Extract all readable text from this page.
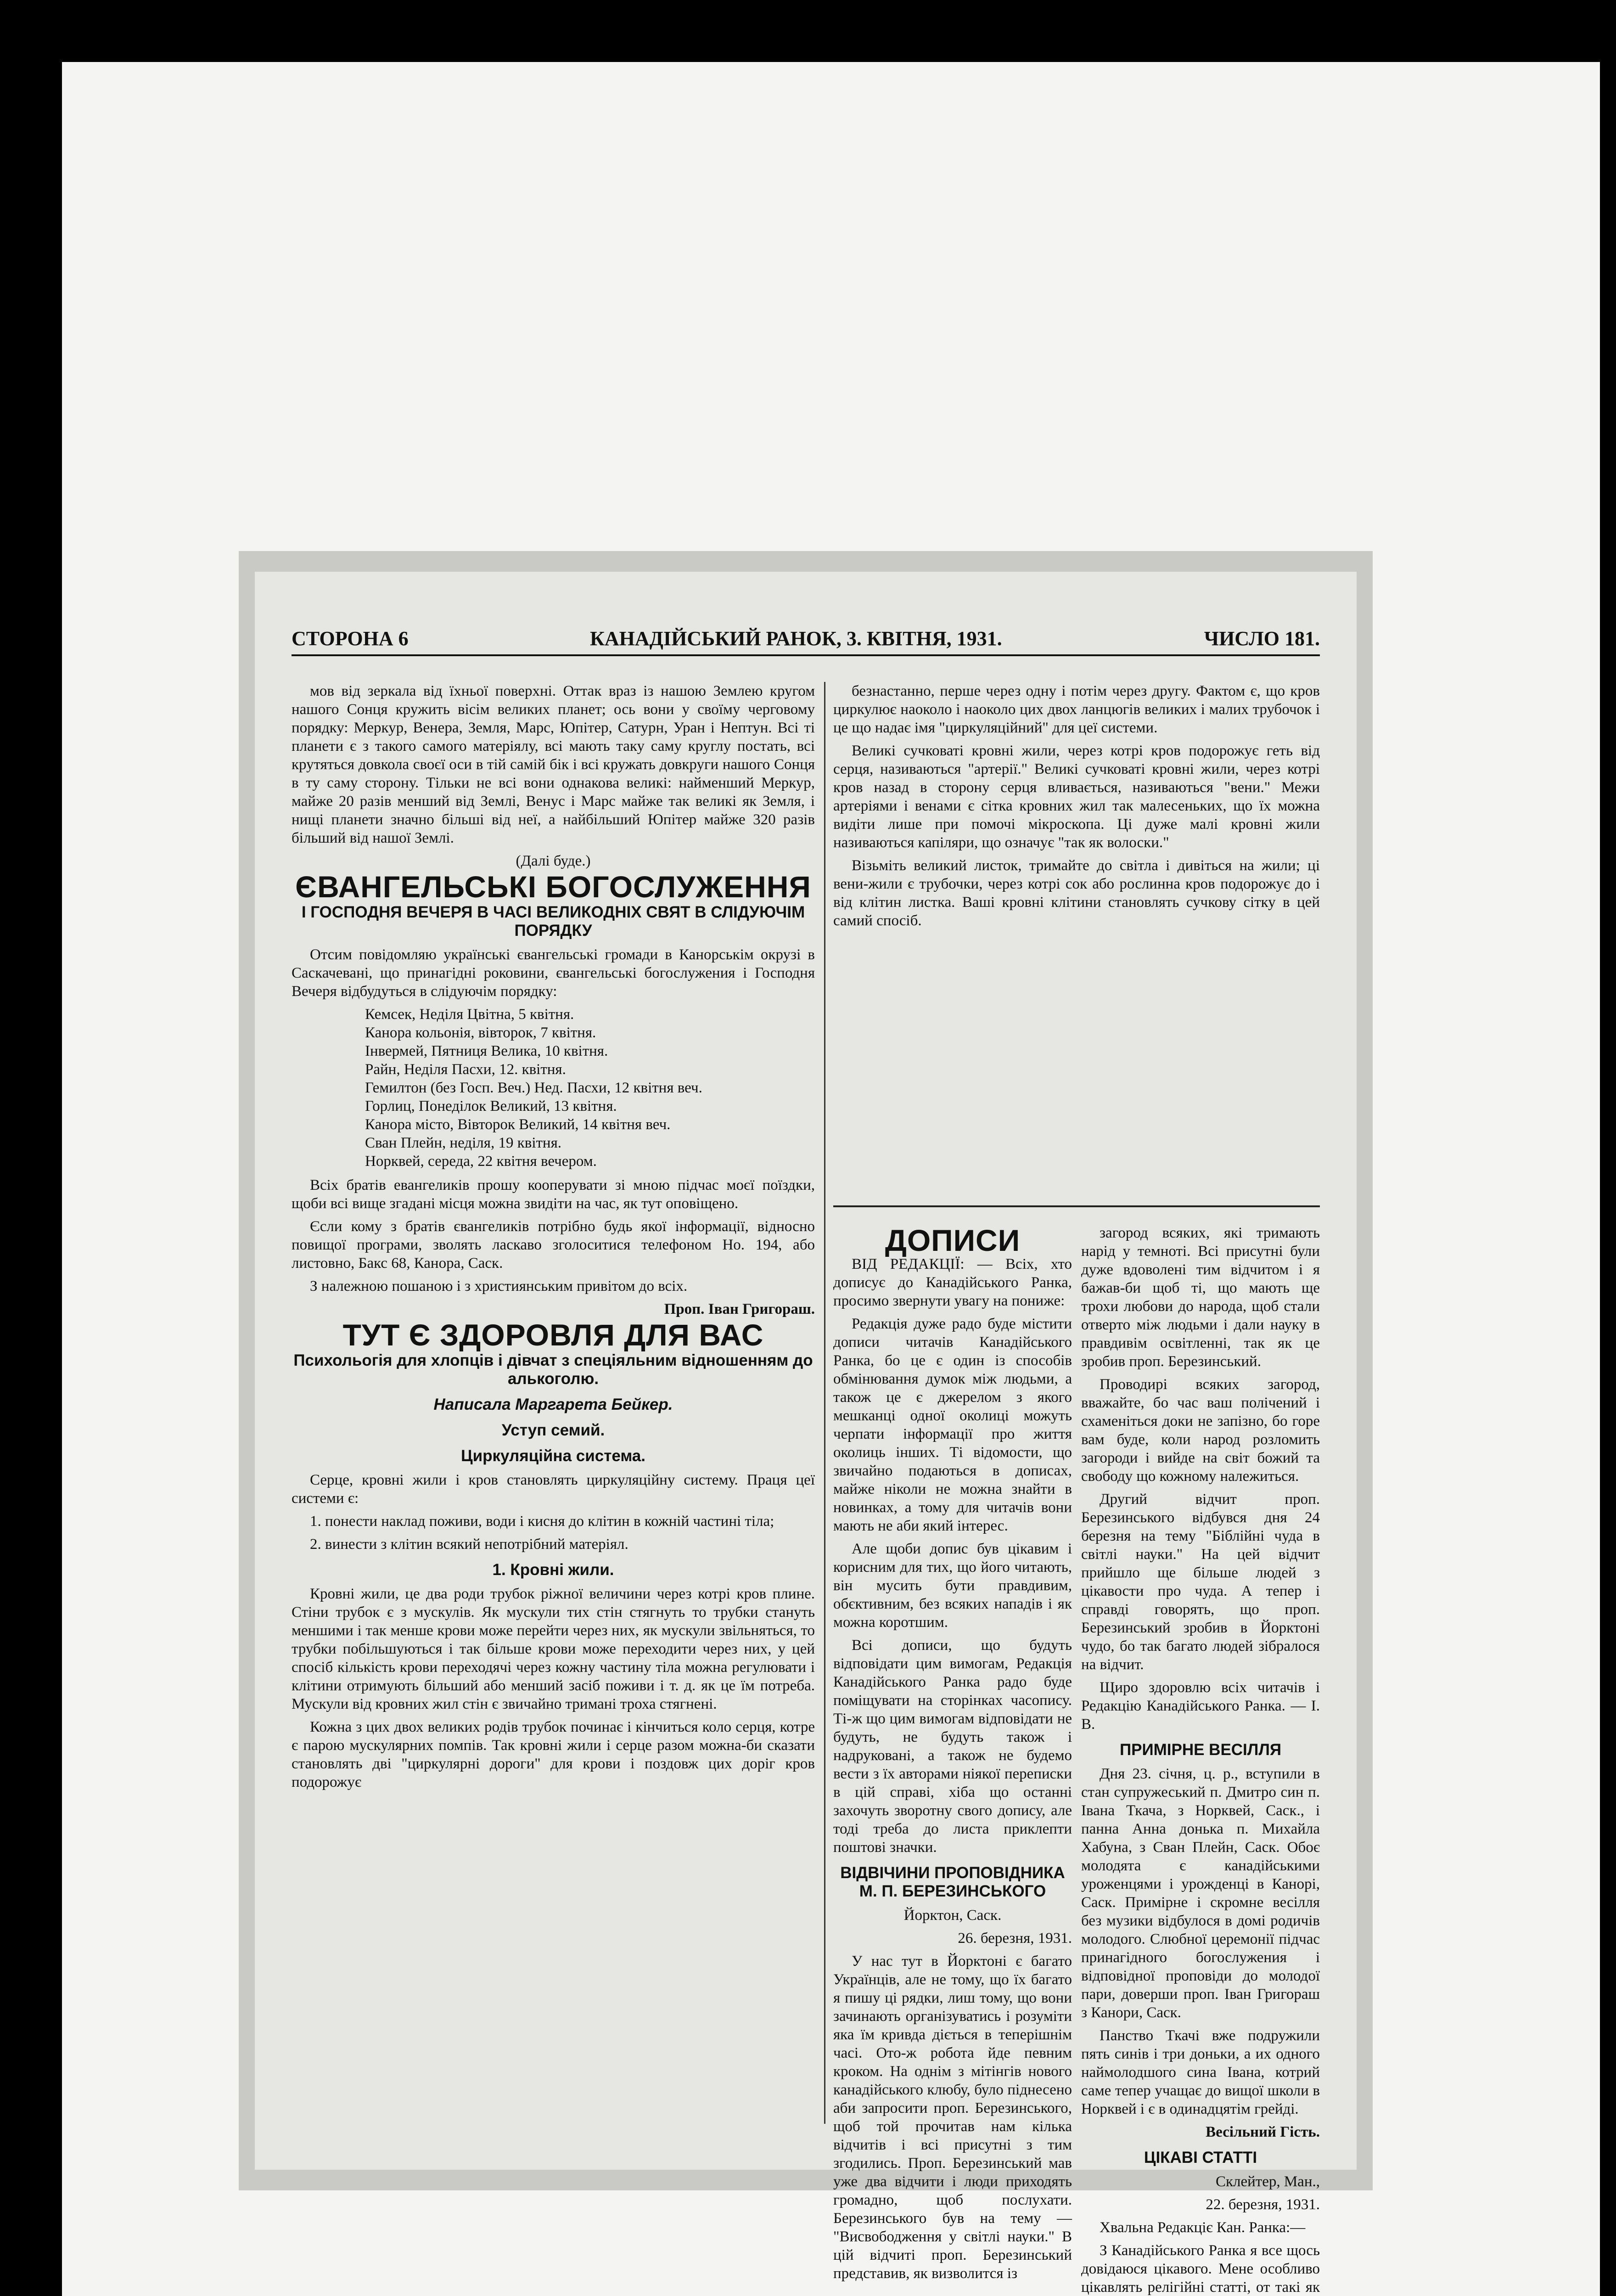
СТОРОНА 6	КАНАДІЙСЬКИЙ РАНОК, 3. КВІТНЯ, 1931.	ЧИСЛО 181.

мов від зеркала від їхньої поверхні. Оттак враз із нашою Землею кругом нашого Сонця кружить вісім великих планет; ось вони у своїму черговому порядку: Меркур, Венера, Земля, Марс, Юпітер, Сатурн, Уран і Нептун. Всі ті планети є з такого самого матеріялу, всі мають таку саму круглу постать, всі крутяться довкола своєї оси в тій самій бік і всі кружать довкруги нашого Сонця в ту саму сторону. Тільки не всі вони однакова великі: найменший Меркур, майже 20 разів менший від Землі, Венус і Марс майже так великі як Земля, і нищі планети значно більші від неї, а найбільший Юпітер майже 320 разів більший від нашої Землі.

(Далі буде.)

ЄВАНГЕЛЬСЬКІ БОГОСЛУЖЕННЯ
І ГОСПОДНЯ ВЕЧЕРЯ В ЧАСІ ВЕЛИКОДНІХ СВЯТ В СЛІДУЮЧІМ ПОРЯДКУ

Отсим повідомляю українські євангельські громади в Канорськім окрузі в Саскачевані, що принагідні роковини, євангельські богослужения і Господня Вечеря відбудуться в слідуючім порядку:

Кемсек, Неділя Цвітна, 5 квітня.
Канора кольонія, вівторок, 7 квітня.
Інвермей, Пятниця Велика, 10 квітня.
Райн, Неділя Пасхи, 12. квітня.
Гемилтон (без Госп. Веч.) Нед. Пасхи, 12 квітня веч.
Горлиц, Понеділок Великий, 13 квітня.
Канора місто, Вівторок Великий, 14 квітня веч.
Сван Плейн, неділя, 19 квітня.
Норквей, середа, 22 квітня вечером.

Всіх братів евангеликів прошу кооперувати зі мною підчас моєї поїздки, щоби всі вище згадані місця можна звидіти на час, як тут оповіщено.

Єсли кому з братів євангеликів потрібно будь якої інформації, відносно повищої програми, зволять ласкаво зголоситися телефоном Но. 194, або листовно, Бакс 68, Канора, Саск.

З належною пошаною і з християнським привітом до всіх.

Проп. Іван Григораш.

ТУТ Є ЗДОРОВЛЯ ДЛЯ ВАС
Психольогія для хлопців і дівчат з спеціяльним відношенням до алькоголю.
Написала Маргарета Бейкер.
Уступ семий.
Циркуляційна система.

Серце, кровні жили і кров становлять циркуляційну систему. Праця цеї системи є:

1. понести наклад поживи, води і кисня до клітин в кожній частині тіла;

2. винести з клітин всякий непотрібний матеріял.

1. Кровні жили.

Кровні жили, це два роди трубок ріжної величини через котрі кров плине. Стіни трубок є з мускулів. Як мускули тих стін стягнуть то трубки стануть меншими і так менше крови може перейти через них, як мускули звільняться, то трубки побільшуються і так більше крови може переходити через них, у цей спосіб кількість крови переходячі через кожну частину тіла можна регулювати і клітини отримують більший або менший засіб поживи і т. д. як це їм потреба. Мускули від кровних жил стін є звичайно тримані троха стягнені.

Кожна з цих двох великих родів трубок починає і кінчиться коло серця, котре є парою мускулярних помпів. Так кровні жили і серце разом можна-би сказати становлять дві "циркулярні дороги" для крови і поздовж цих доріг кров подорожує

безнастанно, перше через одну і потім через другу. Фактом є, що кров циркулює наоколо і наоколо цих двох ланцюгів великих і малих трубочок і це що надає імя "циркуляційний" для цеї системи.

Великі сучковаті кровні жили, через котрі кров подорожує геть від серця, називаються "артерії." Великі сучковаті кровні жили, через котрі кров назад в сторону серця вливається, називаються "вени." Межи артеріями і венами є сітка кровних жил так малесеньких, що їх можна видіти лише при помочі мікроскопа. Ці дуже малі кровні жили називаються капіляри, що означує "так як волоски."

Візьміть великий листок, тримайте до світла і дивіться на жили; ці вени-жили є трубочки, через котрі сок або рослинна кров подорожує до і від клітин листка. Ваші кровні клітини становлять сучкову сітку в цей самий спосіб.

ДОПИСИ

ВІД РЕДАКЦІЇ: — Всіх, хто дописує до Канадійського Ранка, просимо звернути увагу на пониже:

Редакція дуже радо буде містити дописи читачів Канадійського Ранка, бо це є один із способів обмінювання думок між людьми, а також це є джерелом з якого мешканці одної околиці можуть черпати інформації про життя околиць інших. Ті відомости, що звичайно подаються в дописах, майже ніколи не можна знайти в новинках, а тому для читачів вони мають не аби який інтерес.

Але щоби допис був цікавим і корисним для тих, що його читають, він мусить бути правдивим, обєктивним, без всяких нападів і як можна коротшим.

Всі дописи, що будуть відповідати цим вимогам, Редакція Канадійського Ранка радо буде поміщувати на сторінках часопису. Ті-ж що цим вимогам відповідати не будуть, не будуть також і надруковані, а також не будемо вести з їх авторами ніякої переписки в цій справі, хіба що останні захочуть зворотну свого допису, але тоді треба до листа приклепти поштові значки.

ВІДВІЧИНИ ПРОПОВІДНИКА М. П. БЕРЕЗИНСЬКОГО

Йорктон, Саск.

26. березня, 1931.

У нас тут в Йорктоні є багато Українців, але не тому, що їх багато я пишу ці рядки, лиш тому, що вони зачинають організуватись і розуміти яка їм кривда діється в теперішнім часі. Ото-ж робота йде певним кроком. На однім з мітінгів нового канадійського клюбу, було піднесено аби запросити проп. Березинського, щоб той прочитав нам кілька відчитів і всі присутні з тим згодились. Проп. Березинський мав уже два відчити і люди приходять громадно, щоб послухати. Березинського був на тему — "Висвободження у світлі науки." В цій відчиті проп. Березинський представив, як визволится із

загород всяких, які тримають нарід у темноті. Всі присутні були дуже вдоволені тим відчитом і я бажав-би щоб ті, що мають ще трохи любови до народа, щоб стали отверто між людьми і дали науку в правдивім освітленні, так як це зробив проп. Березинський.

Проводирі всяких загород, вважайте, бо час ваш полічений і схаменіться доки не запізно, бо горе вам буде, коли народ розломить загороди і вийде на світ божий та свободу що кожному належиться.

Другий відчит проп. Березинського відбувся дня 24 березня на тему "Біблійні чуда в світлі науки." На цей відчит прийшло ще більше людей з цікавости про чуда. А тепер і справді говорять, що проп. Березинський зробив в Йорктоні чудо, бо так багато людей зібралося на відчит.

Щиро здоровлю всіх читачів і Редакцію Канадійського Ранка. — І. В.

ПРИМІРНЕ ВЕСІЛЛЯ

Дня 23. січня, ц. р., вступили в стан супружеський п. Дмитро син п. Івана Ткача, з Норквей, Саск., і панна Анна донька п. Михайла Хабуна, з Сван Плейн, Саск. Обоє молодята є канадійськими уроженцями і урожденці в Канорі, Саск. Примірне і скромне весілля без музики відбулося в домі родичів молодого. Слюбної церемонії підчас принагідного богослужения і відповідної проповіди до молодої пари, доверши проп. Іван Григораш з Канори, Саск.

Панство Ткачі вже подружили пять синів і три доньки, а их одного наймолодшого сина Івана, котрий саме тепер учащає до вищої школи в Норквей і є в одинадцятім грейді.

Весільний Гість.

ЦІКАВІ СТАТТІ

Склейтер, Ман.,

22. березня, 1931.

Хвальна Редакціє Кан. Ранка:—

З Канадійського Ранка я все щось довідаюся цікавого. Мене особливо цікавлять релігійні статті, от такі як
